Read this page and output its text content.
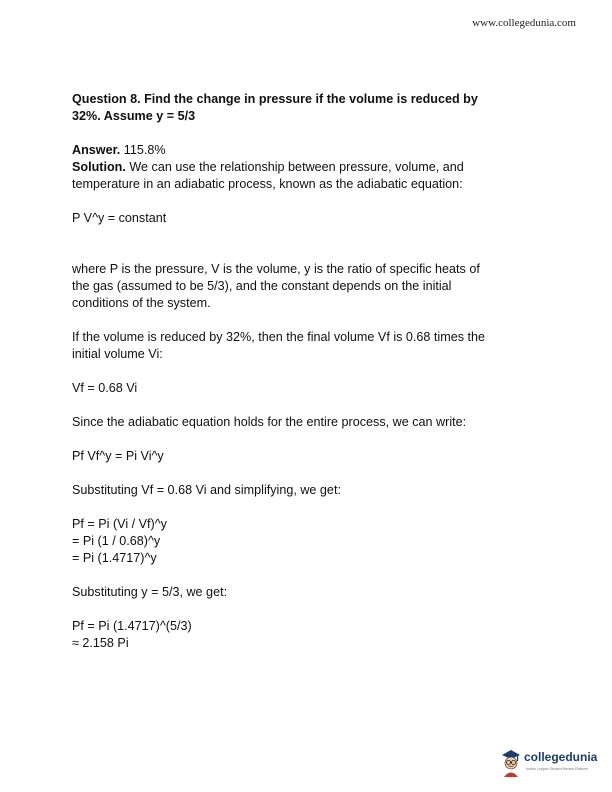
www.collegedunia.com

Question 8. Find the change in pressure if the volume is reduced by

32%. Assume y = 5/3

Answer. 115.8%

Solution. We can use the relationship between pressure, volume, and

temperature in an adiabatic process, known as the adiabatic equation:

P V^y = constant

where P is the pressure, V is the volume, y is the ratio of specific heats of

the gas (assumed to be 5/3), and the constant depends on the initial

conditions of the system.

If the volume is reduced by 32%, then the final volume Vf is 0.68 times the

initial volume Vi:

Vf = 0.68 Vi

Since the adiabatic equation holds for the entire process, we can write:

Pf Vf^y = Pi Vi^y

Substituting Vf = 0.68 Vi and simplifying, we get:

Pf = Pi (Vi / Vf)^y

= Pi (1 / 0.68)^y

= Pi (1.4717)^y

Substituting y = 5/3, we get:

Pf = Pi (1.4717)^(5/3)

≈ 2.158 Pi

collegedunia
India's Largest Student Review Platform
